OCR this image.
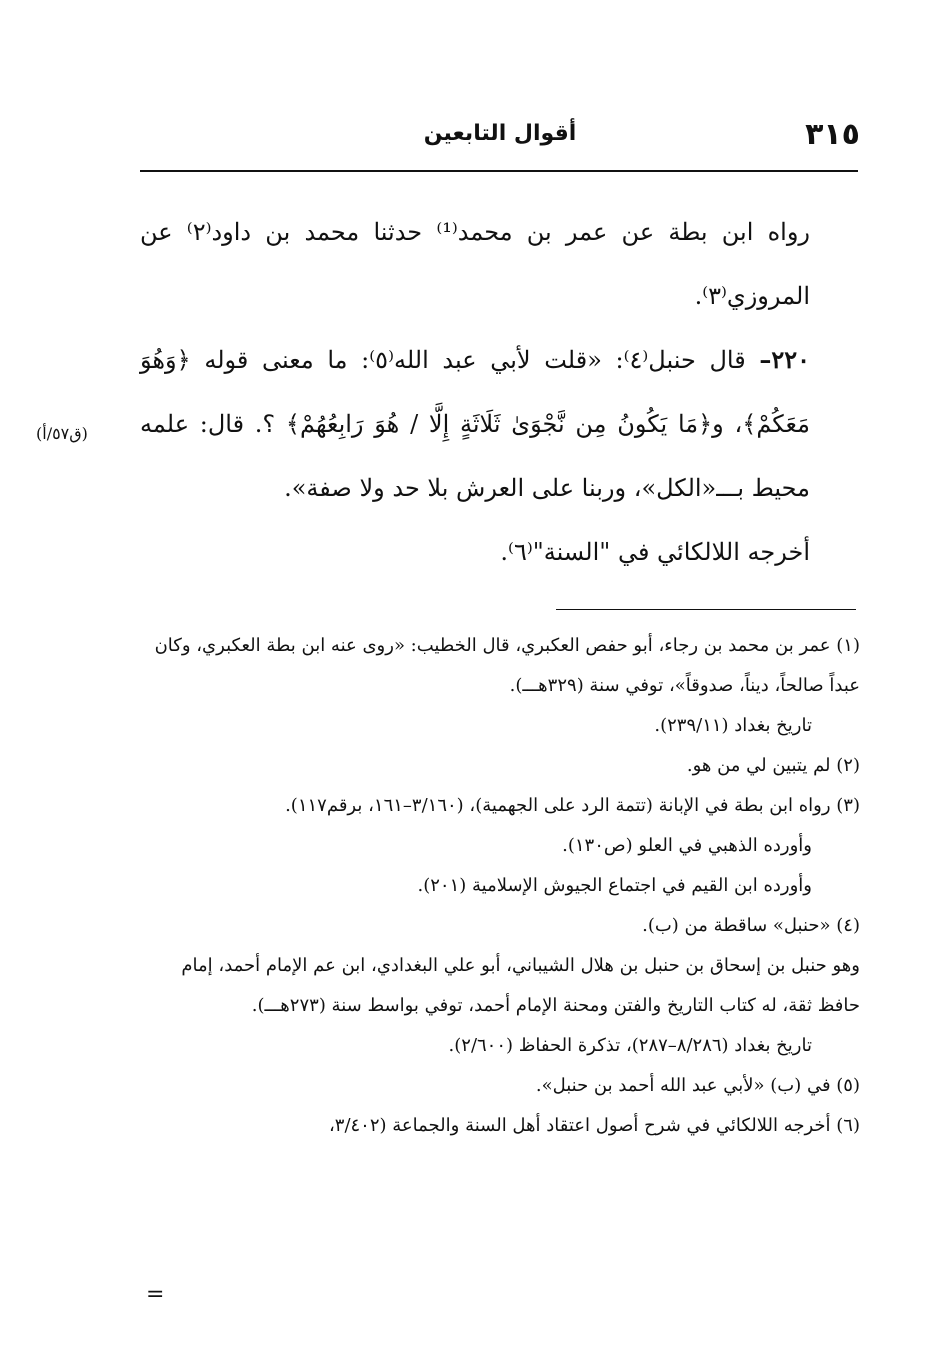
٣١٥
أقوال التابعين

رواه ابن بطة عن عمر بن محمد⁽¹⁾ حدثنا محمد بن داود⁽٢⁾ عن المروزي⁽٣⁾.

٢٢٠– قال حنبل⁽٤⁾: «قلت لأبي عبد الله⁽٥⁾: ما معنى قوله ﴿وَهُوَ مَعَكُمْ﴾، و﴿مَا يَكُونُ مِن نَّجْوَىٰ ثَلَاثَةٍ إِلَّا / هُوَ رَابِعُهُمْ﴾ ؟. قال: علمه محيط بـــ«الكل»، وربنا على العرش بلا حد ولا صفة».

أخرجه اللالكائي في "السنة"⁽٦⁾.

(ق٥٧/أ)

(١) عمر بن محمد بن رجاء، أبو حفص العكبري، قال الخطيب: «روى عنه ابن بطة العكبري، وكان عبداً صالحاً، ديناً، صدوقاً»، توفي سنة (٣٢٩هـــ).

تاريخ بغداد (٢٣٩/١١).

(٢) لم يتبين لي من هو.

(٣) رواه ابن بطة في الإبانة (تتمة الرد على الجهمية)، (٣/١٦٠–١٦١، برقم١١٧).

وأورده الذهبي في العلو (ص١٣٠).

وأورده ابن القيم في اجتماع الجيوش الإسلامية (٢٠١).

(٤) «حنبل» ساقطة من (ب).

وهو حنبل بن إسحاق بن حنبل بن هلال الشيباني، أبو علي البغدادي، ابن عم الإمام أحمد، إمام حافظ ثقة، له كتاب التاريخ والفتن ومحنة الإمام أحمد، توفي بواسط سنة (٢٧٣هـــ).

تاريخ بغداد (٨/٢٨٦–٢٨٧)، تذكرة الحفاظ (٢/٦٠٠).

(٥) في (ب) «لأبي عبد الله أحمد بن حنبل».

(٦) أخرجه اللالكائي في شرح أصول اعتقاد أهل السنة والجماعة (٣/٤٠٢،

=
